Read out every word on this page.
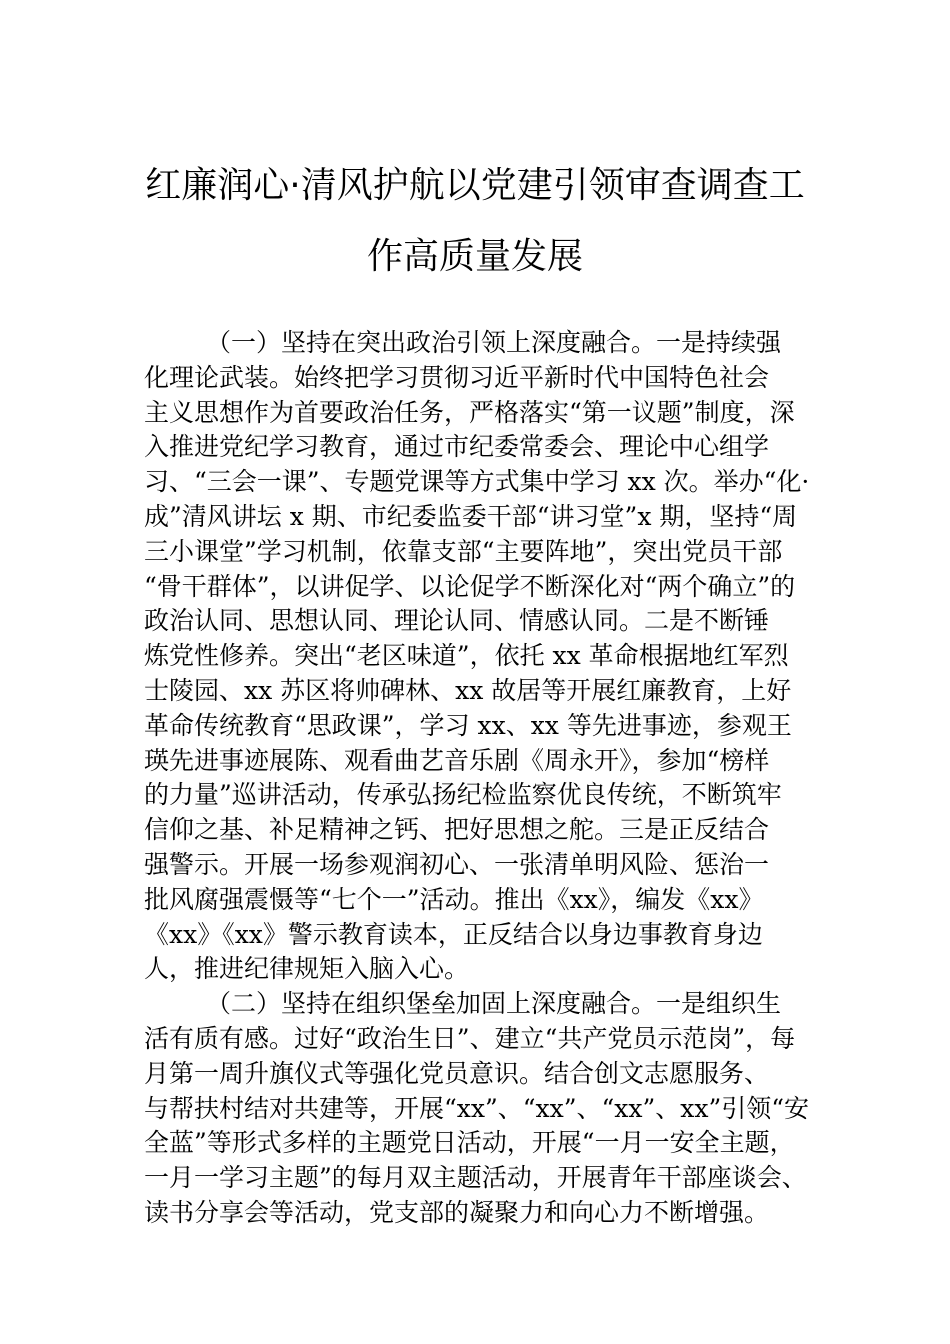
红廉润心·清风护航以党建引领审查调查工
作高质量发展
（一）坚持在突出政治引领上深度融合。一是持续强
化理论武装。始终把学习贯彻习近平新时代中国特色社会
主义思想作为首要政治任务，严格落实“第一议题”制度，深
入推进党纪学习教育，通过市纪委常委会、理论中心组学
习、“三会一课”、专题党课等方式集中学习 xx 次。举办“化·
成”清风讲坛 x 期、市纪委监委干部“讲习堂”x 期，坚持“周
三小课堂”学习机制，依靠支部“主要阵地”，突出党员干部
“骨干群体”，以讲促学、以论促学不断深化对“两个确立”的
政治认同、思想认同、理论认同、情感认同。二是不断锤
炼党性修养。突出“老区味道”，依托 xx 革命根据地红军烈
士陵园、xx 苏区将帅碑林、xx 故居等开展红廉教育，上好
革命传统教育“思政课”，学习 xx、xx 等先进事迹，参观王
瑛先进事迹展陈、观看曲艺音乐剧《周永开》，参加“榜样
的力量”巡讲活动，传承弘扬纪检监察优良传统，不断筑牢
信仰之基、补足精神之钙、把好思想之舵。三是正反结合
强警示。开展一场参观润初心、一张清单明风险、惩治一
批风腐强震慑等“七个一”活动。推出《xx》，编发《xx》
《xx》《xx》警示教育读本，正反结合以身边事教育身边
人，推进纪律规矩入脑入心。
（二）坚持在组织堡垒加固上深度融合。一是组织生
活有质有感。过好“政治生日”、建立“共产党员示范岗”，每
月第一周升旗仪式等强化党员意识。结合创文志愿服务、
与帮扶村结对共建等，开展“xx”、“xx”、“xx”、xx”引领“安
全蓝”等形式多样的主题党日活动，开展“一月一安全主题，
一月一学习主题”的每月双主题活动，开展青年干部座谈会、
读书分享会等活动，党支部的凝聚力和向心力不断增强。
